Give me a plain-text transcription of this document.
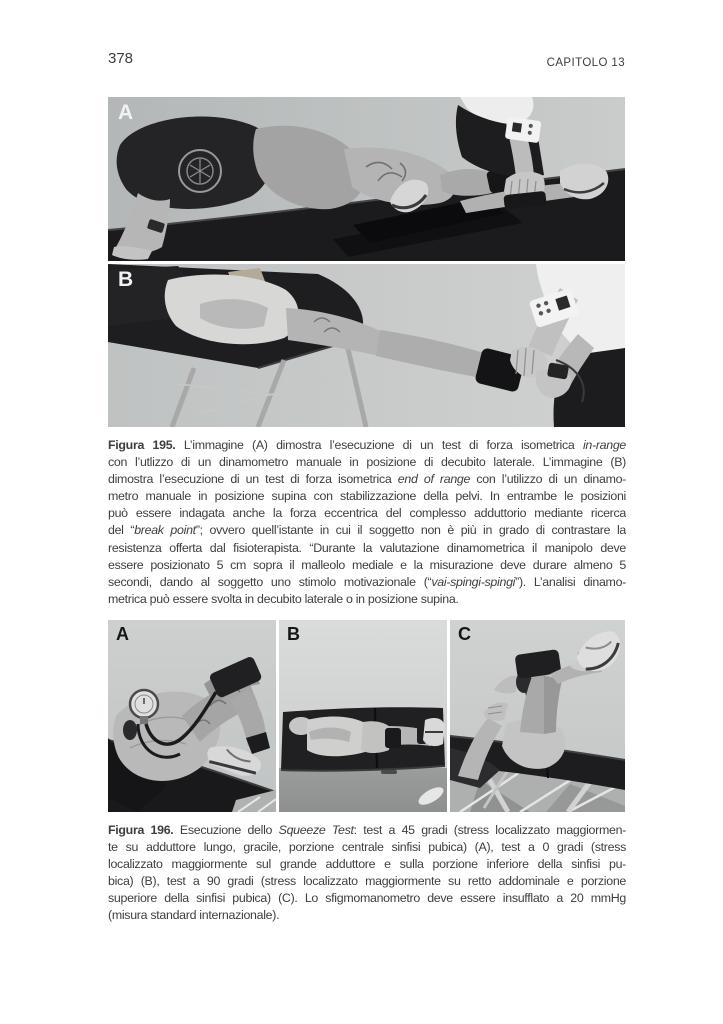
378	CAPITOLO 13
A
B
Figura 195. L’immagine (A) dimostra l’esecuzione di un test di forza isometrica in-range
con l’utlizzo di un dinamometro manuale in posizione di decubito laterale. L’immagine (B)
dimostra l’esecuzione di un test di forza isometrica end of range con l’utilizzo di un dinamo-
metro manuale in posizione supina con stabilizzazione della pelvi. In entrambe le posizioni
può essere indagata anche la forza eccentrica del complesso adduttorio mediante ricerca
del “break point”; ovvero quell’istante in cui il soggetto non è più in grado di contrastare la
resistenza offerta dal fisioterapista. “Durante la valutazione dinamometrica il manipolo deve
essere posizionato 5 cm sopra il malleolo mediale e la misurazione deve durare almeno 5
secondi, dando al soggetto uno stimolo motivazionale (“vai-spingi-spingi”). L’analisi dinamo-
metrica può essere svolta in decubito laterale o in posizione supina.
A	B	C
Figura 196. Esecuzione dello Squeeze Test: test a 45 gradi (stress localizzato maggiormen-
te su adduttore lungo, gracile, porzione centrale sinfisi pubica) (A), test a 0 gradi (stress
localizzato maggiormente sul grande adduttore e sulla porzione inferiore della sinfisi pu-
bica) (B), test a 90 gradi (stress localizzato maggiormente su retto addominale e porzione
superiore della sinfisi pubica) (C). Lo sfigmomanometro deve essere insufflato a 20 mmHg
(misura standard internazionale).
